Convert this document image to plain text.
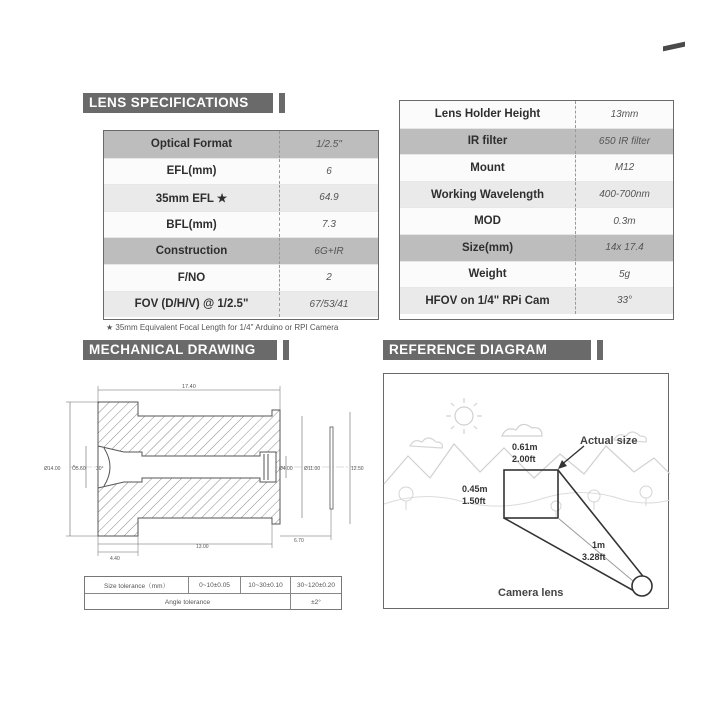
LENS SPECIFICATIONS
Optical Format	1/2.5"
EFL(mm)	6
35mm EFL ★	64.9
BFL(mm)	7.3
Construction	6G+IR
F/NO	2
FOV (D/H/V) @ 1/2.5"	67/53/41
Lens Holder Height	13mm
IR filter	650 IR filter
Mount	M12
Working Wavelength	400-700nm
MOD	0.3m
Size(mm)	14x 17.4
Weight	5g
HFOV on 1/4" RPi Cam	33°
★ 35mm Equivalent Focal Length for 1/4" Arduino or RPI Camera
MECHANICAL DRAWING
17.40
Ø14.00 Õ5.60 30°	Ø4.00 Ø11.00	12.50
4.40
13.00
6.70
Size tolerance（mm）	0~10±0.05	10~30±0.10	30~120±0.20
Angle tolerance	±2°
REFERENCE DIAGRAM
Actual size
0.61m
2.00ft
0.45m
1.50ft
1m
3.28ft
Camera lens
